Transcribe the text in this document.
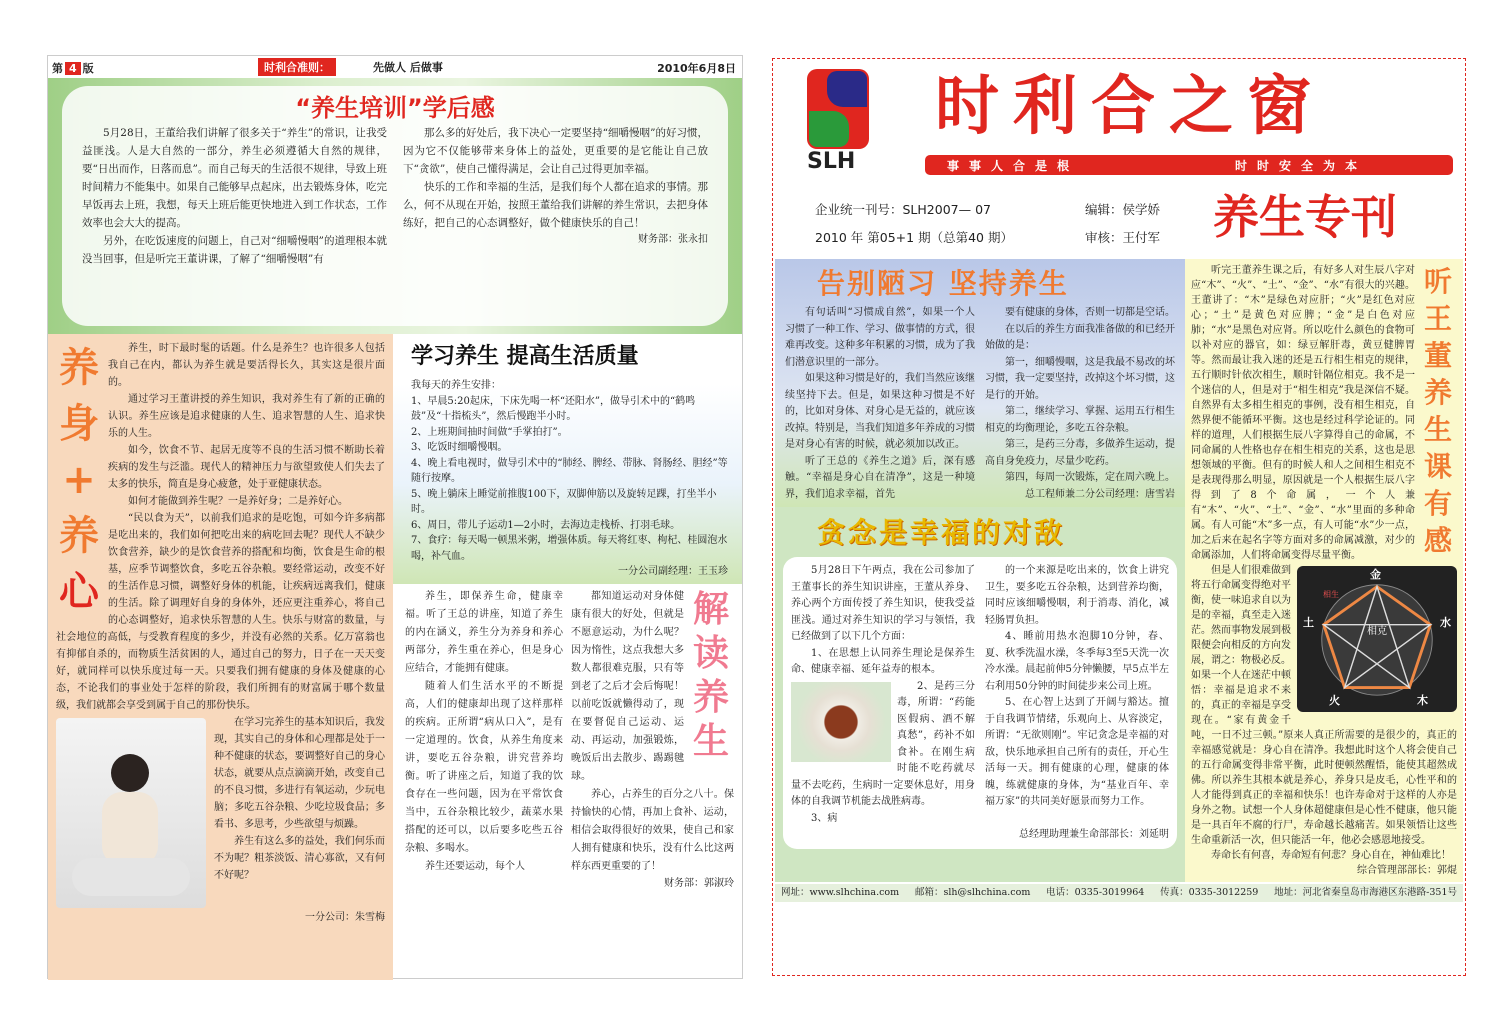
第 4 版	时利合准则：	先做人 后做事	2010年6月8日
“养生培训”学后感

5月28日，王董给我们讲解了很多关于“养生”的常识，让我受益匪浅。人是大自然的一部分，养生必须遵循大自然的规律，要“日出而作，日落而息”。而自己每天的生活很不规律，导致上班时间精力不能集中。如果自己能够早点起床，出去锻炼身体，吃完早饭再去上班，我想，每天上班后能更快地进入到工作状态，工作效率也会大大的提高。

另外，在吃饭速度的问题上，自己对“细嚼慢咽”的道理根本就没当回事，但是听完王董讲课，了解了“细嚼慢咽”有

那么多的好处后，我下决心一定要坚持“细嚼慢咽”的好习惯，因为它不仅能够带来身体上的益处，更重要的是它能让自己放下“贪欲”，使自己懂得满足，会让自己过得更加幸福。

快乐的工作和幸福的生活，是我们每个人都在追求的事情。那么，何不从现在开始，按照王董给我们讲解的养生常识，去把身体练好，把自己的心态调整好，做个健康快乐的自己！

财务部：张永扣
养
身
+
养
心

养生，时下最时髦的话题。什么是养生？也许很多人包括我自己在内，都认为养生就是要活得长久，其实这是很片面的。

通过学习王董讲授的养生知识，我对养生有了新的正确的认识。养生应该是追求健康的人生、追求智慧的人生、追求快乐的人生。

如今，饮食不节、起居无度等不良的生活习惯不断助长着疾病的发生与泛滥。现代人的精神压力与欲望致使人们失去了太多的快乐，简直是身心疲惫，处于亚健康状态。

如何才能做到养生呢？一是养好身；二是养好心。

“民以食为天”，以前我们追求的是吃饱，可如今许多病都是吃出来的，我们如何把吃出来的病吃回去呢？现代人不缺少饮食营养，缺少的是饮食营养的搭配和均衡，饮食是生命的根基，应季节调整饮食，多吃五谷杂粮。要经常运动，改变不好的生活作息习惯，调整好身体的机能，让疾病远离我们，健康的生活。除了调理好自身的身体外，还应更注重养心，将自己的心态调整好，追求快乐智慧的人生。快乐与财富的数量，与社会地位的高低，与受教育程度的多少，并没有必然的关系。亿万富翁也有抑郁自杀的，而物质生活贫困的人，通过自己的努力，日子在一天天变好，就同样可以快乐度过每一天。只要我们拥有健康的身体及健康的心态，不论我们的事业处于怎样的阶段，我们所拥有的财富属于哪个数量级，我们就都会享受到属于自己的那份快乐。

在学习完养生的基本知识后，我发现，其实自己的身体和心理都是处于一种不健康的状态，要调整好自己的身心状态，就要从点点滴滴开始，改变自己的不良习惯，多进行有氧运动，少玩电脑；多吃五谷杂粮、少吃垃圾食品；多看书、多思考，少些欲望与烦躁。

养生有这么多的益处，我们何乐而不为呢？粗茶淡饭、清心寡欲，又有何不好呢？

一分公司：朱雪梅
学习养生 提高生活质量

我每天的养生安排：

1、早晨5:20起床，下床先喝一杯“还阳水”，做导引术中的“鹤鸣鼓”及“十指梳头”，然后慢跑半小时。

2、上班期间抽时间做“手掌拍打”。

3、吃饭时细嚼慢咽。

4、晚上看电视时，做导引术中的“肺经、脾经、带脉、肾肠经、胆经”等随行按摩。

5、晚上躺床上睡觉前推腹100下，双脚伸筋以及旋转足踝，打坐半小时。

6、周日，带儿子运动1—2小时，去海边走栈桥、打羽毛球。

7、食疗：每天喝一顿黑米粥，增强体质。每天将红枣、枸杞、桂圆泡水喝，补气血。

一分公司副经理：王玉珍

养生，即保养生命，健康幸福。听了王总的讲座，知道了养生的内在涵义，养生分为养身和养心两部分，养生重在养心，但是身心应结合，才能拥有健康。

随着人们生活水平的不断提高，人们的健康却出现了这样那样的疾病。正所谓“病从口入”，是有一定道理的。饮食，从养生角度来讲，要吃五谷杂粮，讲究营养均衡。听了讲座之后，知道了我的饮食存在一些问题，因为在平常饮食当中，五谷杂粮比较少，蔬菜水果搭配的还可以，以后要多吃些五谷杂粮、多喝水。

养生还要运动，每个人

解读养生

都知道运动对身体健康有很大的好处，但就是不愿意运动，为什么呢？因为惰性，这点我想大多数人都很难克服，只有等到老了之后才会后悔呢！以前吃饭就懒得动了，现在要督促自己运动、运动、再运动，加强锻炼，晚饭后出去散步、踢踢毽球。

养心，占养生的百分之八十。保持愉快的心情，再加上食补、运动，相信会取得很好的效果，使自己和家人拥有健康和快乐，没有什么比这两样东西更重要的了！

财务部：郭淑玲
SLH
时利合之窗
事事人合是根	时时安全为本
企业统一刊号：SLH2007— 07
2010 年 第05+1 期（总第40 期）
编辑：侯学娇
审核：王付军 养生专刊
告别陋习 坚持养生

有句话叫“习惯成自然”，如果一个人习惯了一种工作、学习、做事情的方式，很难再改变。这种多年积累的习惯，成为了我们潜意识里的一部分。

如果这种习惯是好的，我们当然应该继续坚持下去。但是，如果这种习惯是不好的，比如对身体、对身心是无益的，就应该改掉。特别是，当我们知道多年养成的习惯是对身心有害的时候，就必须加以改正。

听了王总的《养生之道》后，深有感触。“幸福是身心自在清净”，这是一种境界，我们追求幸福，首先

要有健康的身体，否则一切都是空话。

在以后的养生方面我准备做的和已经开始做的是：

第一，细嚼慢咽，这是我最不易改的坏习惯，我一定要坚持，改掉这个坏习惯，这是行的开始。

第二，继续学习、掌握、运用五行相生相克的均衡理论，多吃五谷杂粮。

第三，是药三分毒，多做养生运动，提高自身免疫力，尽量少吃药。

第四，每周一次锻炼，定在周六晚上。

总工程师兼二分公司经理：唐雪岩
贪念是幸福的对敌

5月28日下午两点，我在公司参加了王董事长的养生知识讲座，王董从养身、养心两个方面传授了养生知识，使我受益匪浅。通过对养生知识的学习与领悟，我已经做到了以下几个方面：

1、在思想上认同养生理论是保养生命、健康幸福、延年益寿的根本。

2、是药三分毒，所谓：“药能医假病、酒不解真愁”，药补不如食补。在刚生病时能不吃药就尽量不去吃药，生病时一定要休息好，用身体的自我调节机能去战胜病毒。

3、病

的一个来源是吃出来的，饮食上讲究卫生，要多吃五谷杂粮，达到营养均衡，同时应该细嚼慢咽，利于消毒、消化，减轻肠胃负担。

4、睡前用热水泡脚10分钟，春、夏、秋季洗温水澡，冬季每3至5天洗一次冷水澡。晨起前伸5分钟懒腰，早5点半左右利用50分钟的时间徒步来公司上班。

5、在心智上达到了开阔与豁达。擅于自我调节情绪，乐观向上、从容淡定，所谓：“无欲则刚”。牢记贪念是幸福的对敌，快乐地承担自己所有的责任，开心生活每一天。拥有健康的心理，健康的体魄，练就健康的身体，为“基业百年、幸福万家”的共同美好愿景而努力工作。

总经理助理兼生命部部长：刘延明
听王董养生课有感

听完王董养生课之后，有好多人对生辰八字对应“木”、“火”、“土”、“金”、“水”有很大的兴趣。王董讲了：“木”是绿色对应肝；“火”是红色对应心；“土”是黄色对应脾；“金”是白色对应肺；“水”是黑色对应肾。所以吃什么颜色的食物可以补对应的器官，如：绿豆解肝毒，黄豆健脾胃等。然而最让我入迷的还是五行相生相克的规律，五行顺时针依次相生，顺时针隔位相克。我不是一个迷信的人，但是对于“相生相克”我是深信不疑。自然界有太多相生相克的事例，没有相生相克，自然界便不能循环平衡。这也是经过科学论证的。同样的道理，人们根据生辰八字算得自己的命属，不同命属的人性格也存在相生相克的关系，这也是思想领域的平衡。但有的时候人和人之间相生相克不是表现得那么明显，原因就是一个人根据生辰八字得到了8个命属，一个人兼有“木”、“火”、“土”、“金”、“水”里面的多种命属。有人可能“木”多一点，有人可能“水”少一点，加之后来在起名字等方面对多的命属减激，对少的命属添加，人们将命属变得尽量平衡。

相克
金
水
木
火
土
相生

但是人们很难做到将五行命属变得绝对平衡，使一味追求自以为是的幸福，真至走入迷茫。然而事物发展到极限便会向相反的方向发展，谓之：物极必反。如果一个人在迷茫中顿悟：幸福是追求不来的，真正的幸福是享受现在。“家有黄金千吨，一日不过三顿。”原来人真正所需要的是很少的，真正的幸福感觉就是：身心自在清净。我想此时这个人将会使自己的五行命属变得非常平衡，此时便顿然醒悟，能使其超然成佛。所以养生其根本就是养心，养身只是皮毛，心性平和的人才能得到真正的幸福和快乐！也许寿命对于这样的人亦是身外之物。试想一个人身体超健康但是心性不健康，他只能是一具百年不腐的行尸，寿命越长越痛苦。如果领悟让这些生命重新活一次，但只能活一年，他必会感恩地接受。

寿命长有何喜，寿命短有何悲？身心自在，神仙难比！

综合管理部部长：郭焜
网址：www.slhchina.com 邮箱：slh@slhchina.com 电话：0335-3019964 传真：0335-3012259 地址：河北省秦皇岛市海港区东港路-351号
